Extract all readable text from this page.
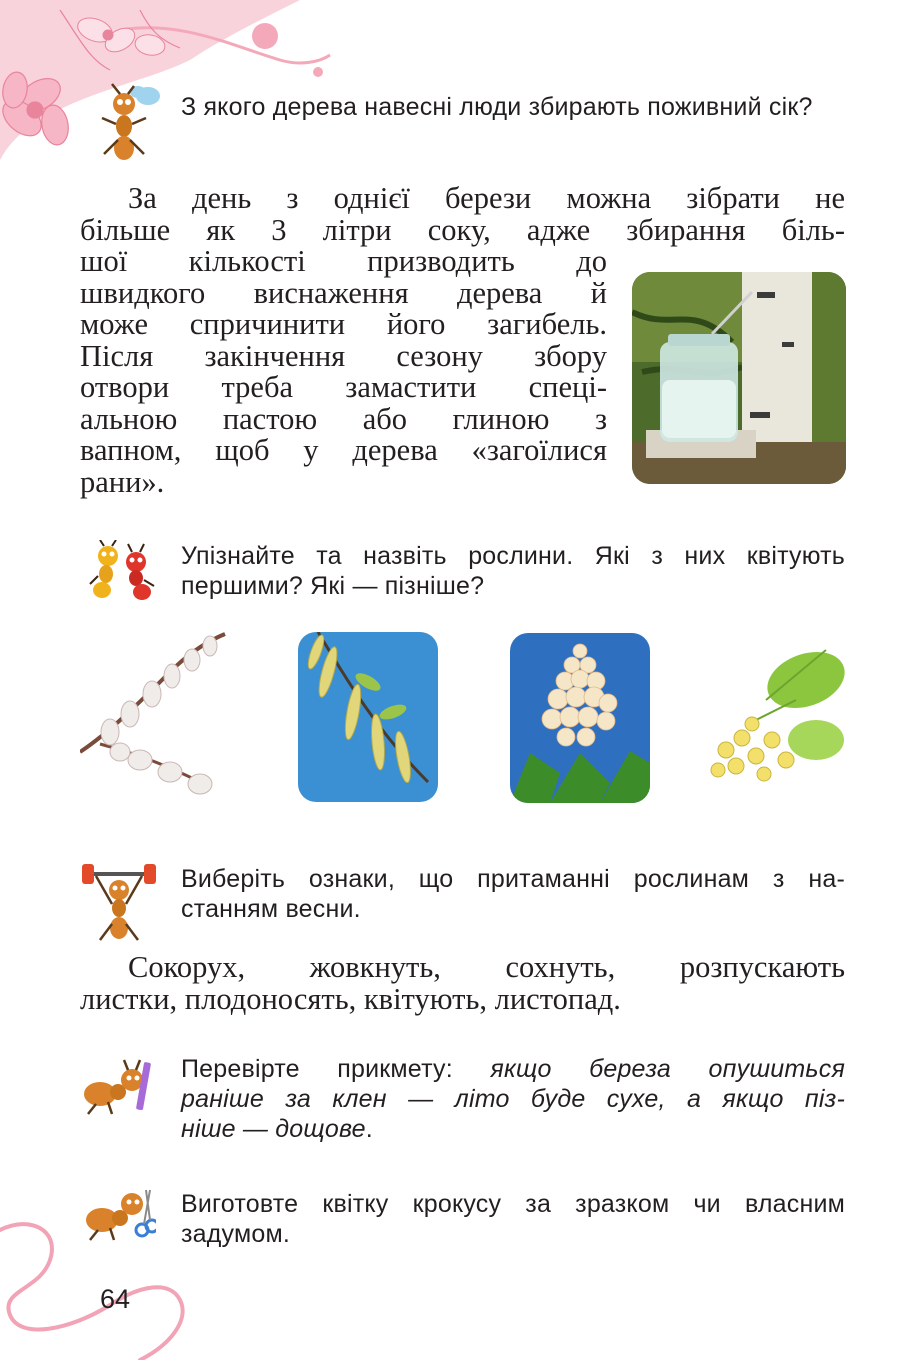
З якого дерева навесні люди збирають поживний сік?
За день з однієї берези можна зібрати не
більше як 3 літри соку, адже збирання біль-
шої кількості призводить до
швидкого виснаження дерева й
може спричинити його загибель.
Після закінчення сезону збору
отвори треба замастити спеці-
альною пастою або глиною з
вапном, щоб у дерева «загоїлися
рани».
Упізнайте та назвіть рослини. Які з них квітують
першими? Які — пізніше?
Виберіть ознаки, що притаманні рослинам з на-
станням весни.
Сокорух, жовкнуть, сохнуть, розпускають
листки, плодоносять, квітують, листопад.
Перевірте прикмету: якщо береза опушиться
раніше за клен — літо буде сухе, а якщо піз-
ніше — дощове.
Виготовте квітку крокусу за зразком чи власним
задумом.
64
